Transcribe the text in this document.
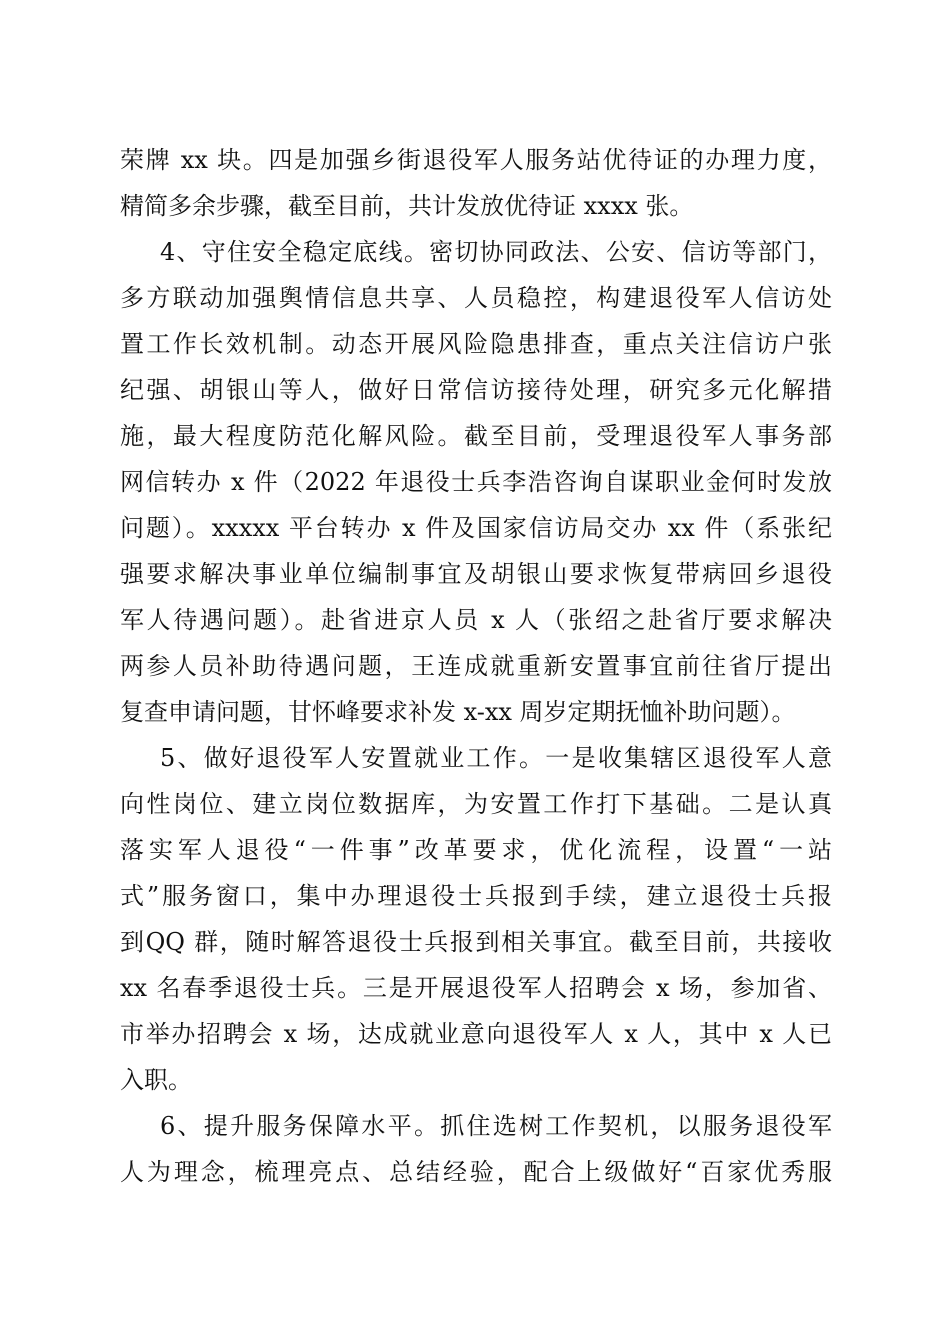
荣牌 xx 块。四是加强乡街退役军人服务站优待证的办理力度，
精简多余步骤，截至目前，共计发放优待证 xxxx 张。
4、守住安全稳定底线。密切协同政法、公安、信访等部门，
多方联动加强舆情信息共享、人员稳控，构建退役军人信访处
置工作长效机制。动态开展风险隐患排查，重点关注信访户张
纪强、胡银山等人，做好日常信访接待处理，研究多元化解措
施，最大程度防范化解风险。截至目前，受理退役军人事务部
网信转办 x 件（2022 年退役士兵李浩咨询自谋职业金何时发放
问题）。xxxxx 平台转办 x 件及国家信访局交办 xx 件（系张纪
强要求解决事业单位编制事宜及胡银山要求恢复带病回乡退役
军人待遇问题）。赴省进京人员 x 人（张绍之赴省厅要求解决
两参人员补助待遇问题，王连成就重新安置事宜前往省厅提出
复查申请问题，甘怀峰要求补发 x-xx 周岁定期抚恤补助问题）。
5、做好退役军人安置就业工作。一是收集辖区退役军人意
向性岗位、建立岗位数据库，为安置工作打下基础。二是认真
落实军人退役“一件事”改革要求，优化流程，设置“一站
式”服务窗口，集中办理退役士兵报到手续，建立退役士兵报
到QQ 群，随时解答退役士兵报到相关事宜。截至目前，共接收
xx 名春季退役士兵。三是开展退役军人招聘会 x 场，参加省、
市举办招聘会 x 场，达成就业意向退役军人 x 人，其中 x 人已
入职。
6、提升服务保障水平。抓住选树工作契机，以服务退役军
人为理念，梳理亮点、总结经验，配合上级做好“百家优秀服
